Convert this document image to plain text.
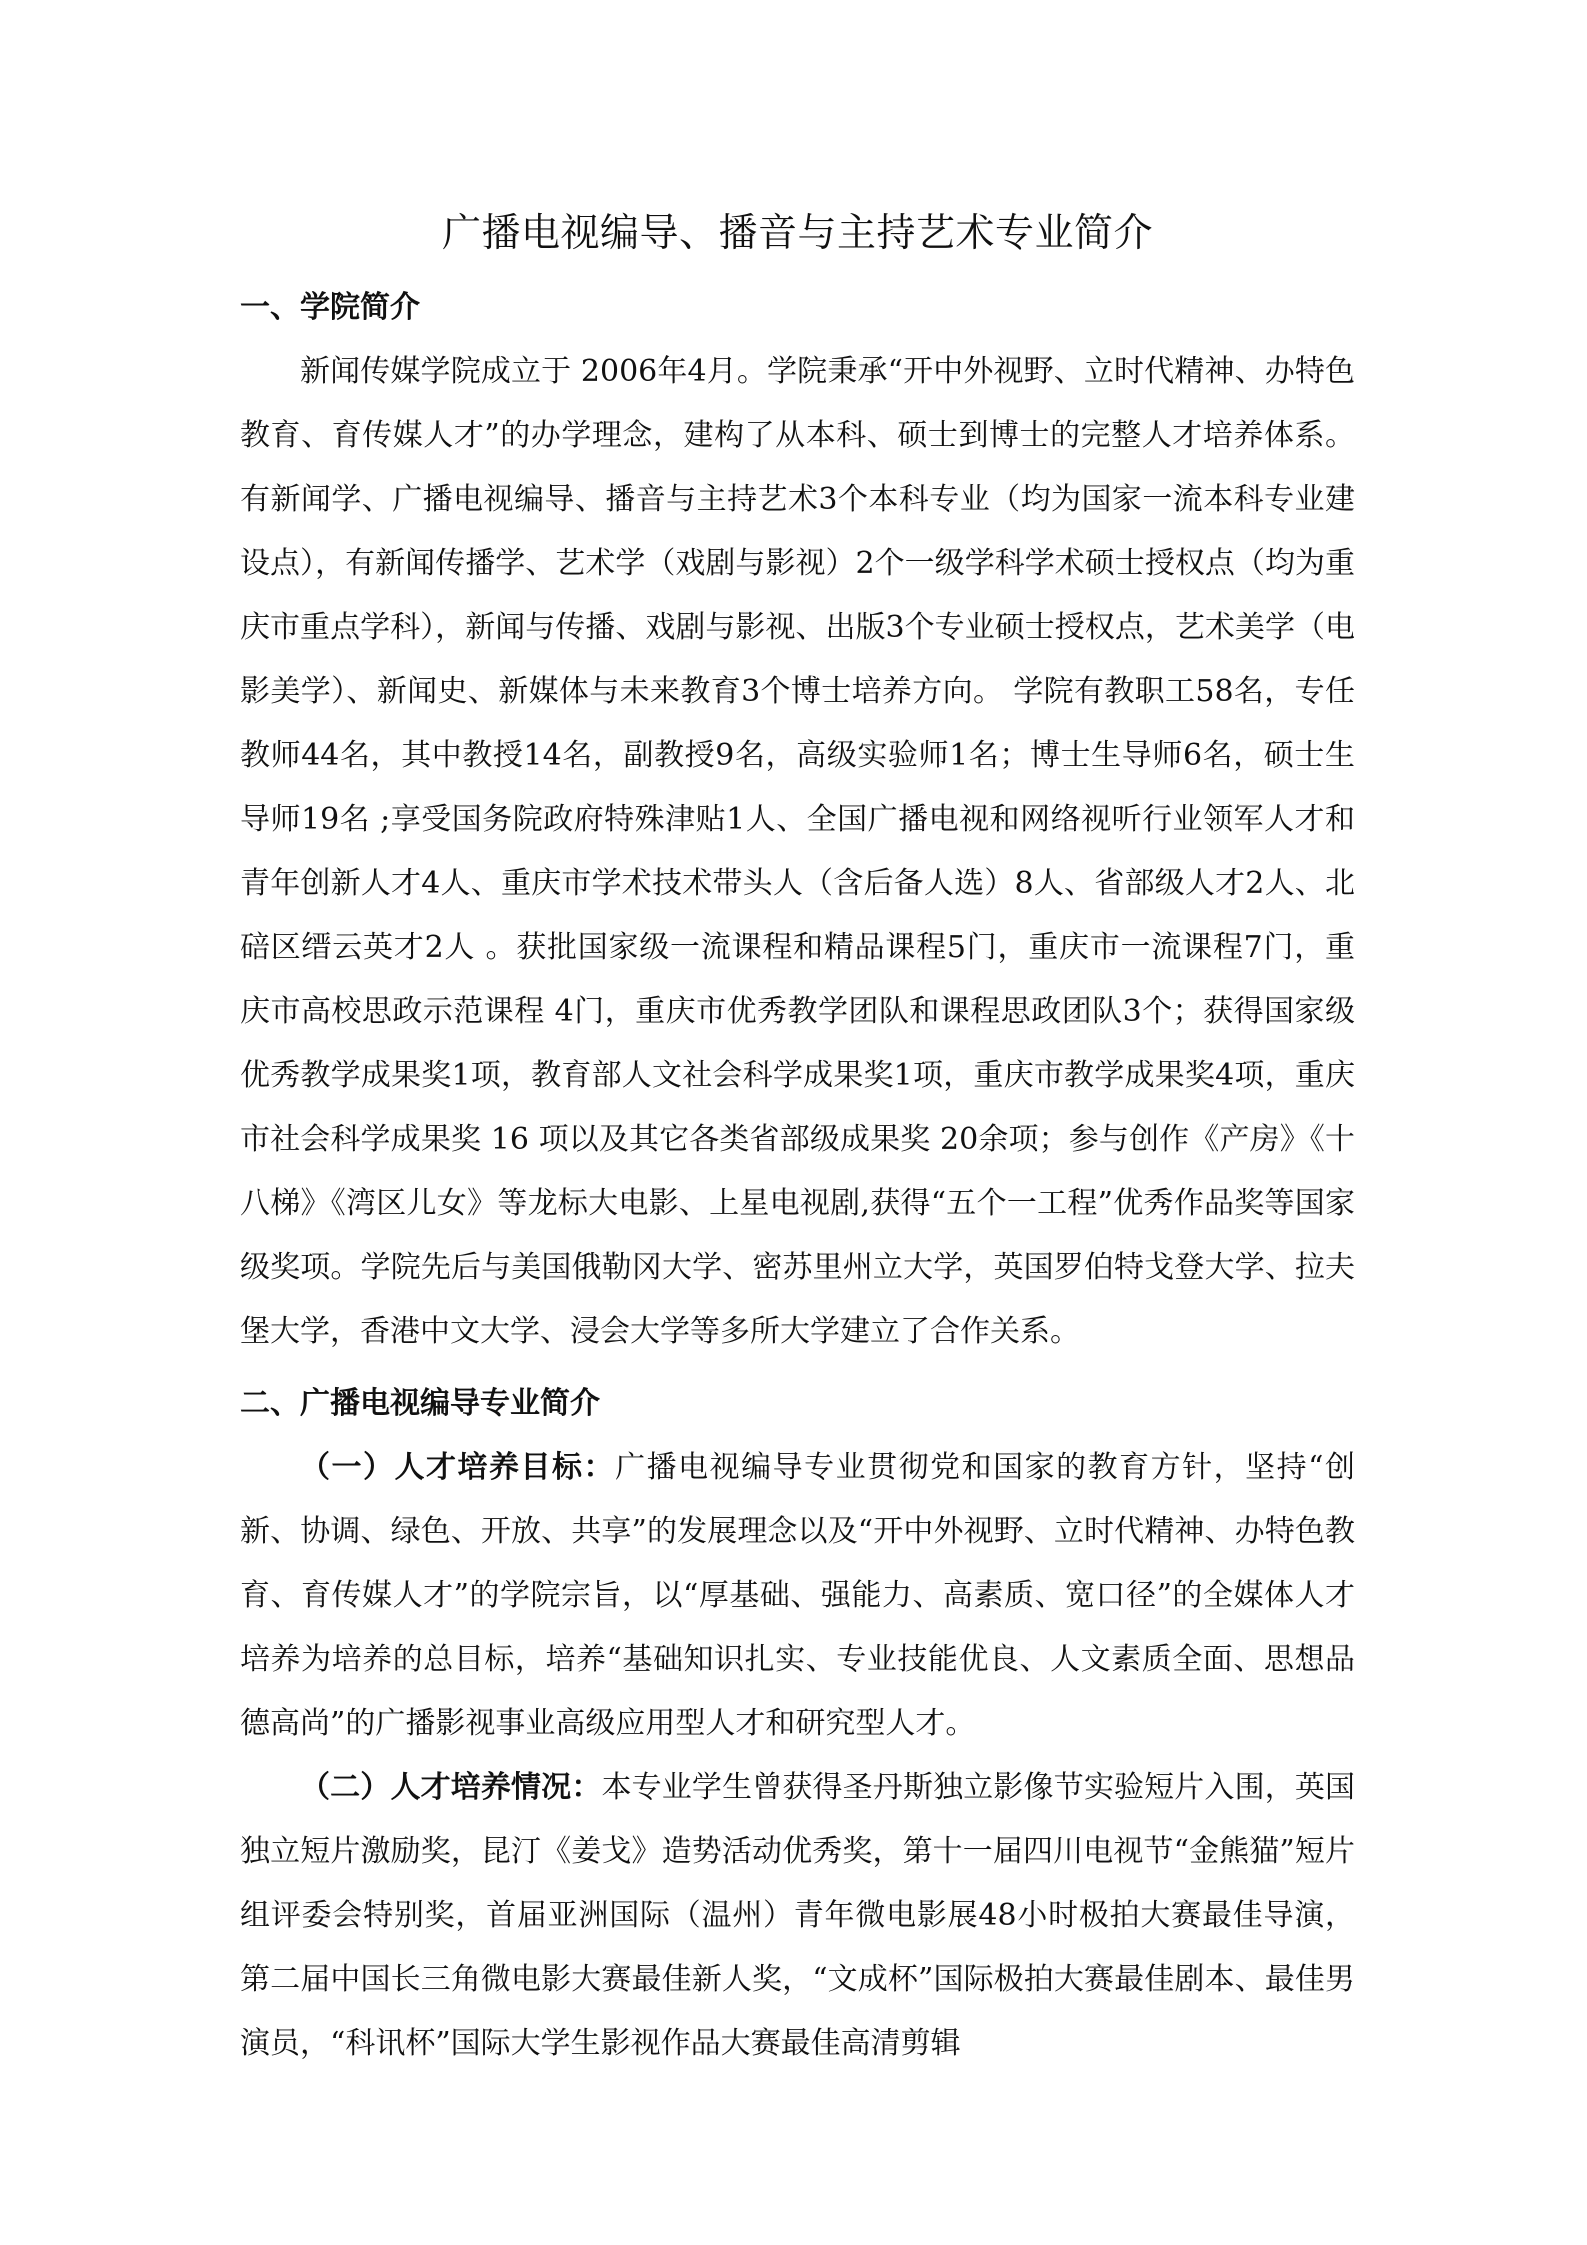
广播电视编导、播音与主持艺术专业简介
一、学院简介

新闻传媒学院成立于 2006年4月。学院秉承“开中外视野、立时代精神、办特色教育、育传媒人才”的办学理念，建构了从本科、硕士到博士的完整人才培养体系。有新闻学、广播电视编导、播音与主持艺术3个本科专业（均为国家一流本科专业建设点），有新闻传播学、艺术学（戏剧与影视）2个一级学科学术硕士授权点（均为重庆市重点学科），新闻与传播、戏剧与影视、出版3个专业硕士授权点，艺术美学（电影美学）、新闻史、新媒体与未来教育3个博士培养方向。 学院有教职工58名，专任教师44名，其中教授14名，副教授9名，高级实验师1名；博士生导师6名，硕士生导师19名 ;享受国务院政府特殊津贴1人、全国广播电视和网络视听行业领军人才和青年创新人才4人、重庆市学术技术带头人（含后备人选）8人、省部级人才2人、北碚区缙云英才2人 。获批国家级一流课程和精品课程5门，重庆市一流课程7门，重庆市高校思政示范课程 4门，重庆市优秀教学团队和课程思政团队3个；获得国家级优秀教学成果奖1项，教育部人文社会科学成果奖1项，重庆市教学成果奖4项，重庆市社会科学成果奖 16 项以及其它各类省部级成果奖 20余项；参与创作《产房》《十八梯》《湾区儿女》等龙标大电影、上星电视剧,获得“五个一工程”优秀作品奖等国家级奖项。学院先后与美国俄勒冈大学、密苏里州立大学，英国罗伯特戈登大学、拉夫堡大学，香港中文大学、浸会大学等多所大学建立了合作关系。

二、广播电视编导专业简介

（一）人才培养目标：广播电视编导专业贯彻党和国家的教育方针，坚持“创新、协调、绿色、开放、共享”的发展理念以及“开中外视野、立时代精神、办特色教育、育传媒人才”的学院宗旨，以“厚基础、强能力、高素质、宽口径”的全媒体人才培养为培养的总目标，培养“基础知识扎实、专业技能优良、人文素质全面、思想品德高尚”的广播影视事业高级应用型人才和研究型人才。

（二）人才培养情况：本专业学生曾获得圣丹斯独立影像节实验短片入围，英国独立短片激励奖，昆汀《姜戈》造势活动优秀奖，第十一届四川电视节“金熊猫”短片组评委会特别奖，首届亚洲国际（温州）青年微电影展48小时极拍大赛最佳导演，第二届中国长三角微电影大赛最佳新人奖，“文成杯”国际极拍大赛最佳剧本、最佳男演员，“科讯杯”国际大学生影视作品大赛最佳高清剪辑
